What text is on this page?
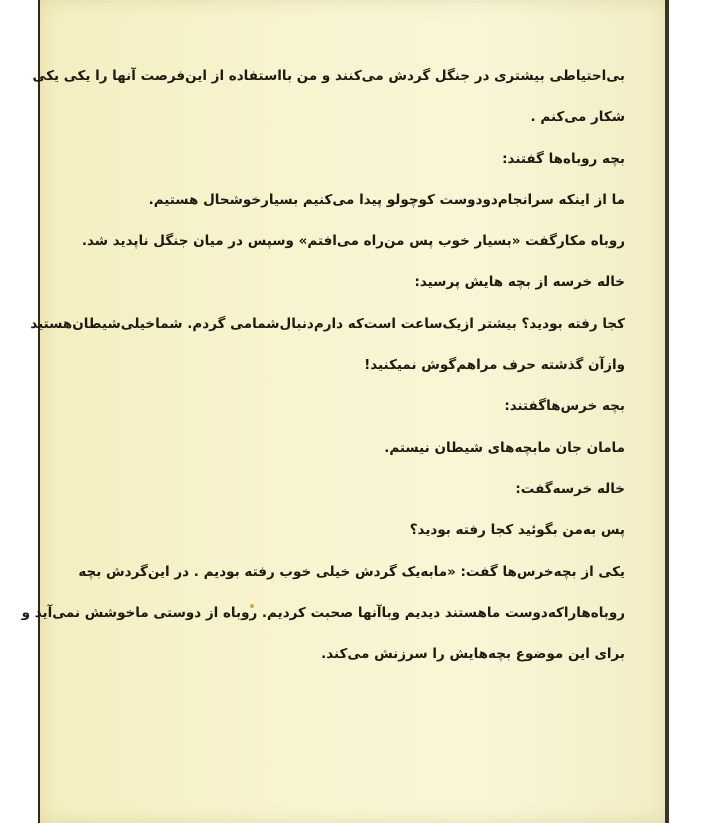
بی‌احتیاطی بیشتری در جنگل گردش می‌کنند و من بااستفاده از این‌فرصت آنها را یکی یکی
شکار می‌کنم .
بچه روباه‌ها گفتند:
ما از اینکه سرانجام‌دودوست کوچولو پیدا می‌کنیم بسیارخوشحال هستیم.
روباه مکارگفت «بسیار خوب پس من‌راه می‌افتم» وسپس در میان جنگل ناپدید شد.
خاله خرسه از بچه هایش پرسید:
کجا رفته بودید؟ بیشتر ازیک‌ساعت است‌که دارم‌دنبال‌شمامی گردم. شماخیلی‌شیطان‌هستید
وازآن گذشته حرف مراهم‌گوش نمیکنید!
بچه خرس‌هاگفتند:
مامان جان مابچه‌های شیطان نیستم.
خاله خرسه‌گفت:
پس به‌من بگوئید کجا رفته بودید؟
یکی از بچه‌خرس‌ها گفت: «مابه‌یک گردش خیلی خوب رفته بودیم . در این‌گردش بچه
روباه‌هاراکه‌دوست ماهستند دیدیم وباآنها صحبت کردیم. روباه از دوستی ماخوشش نمی‌آید و
برای این موضوع بچه‌هایش را سرزنش می‌کند.
